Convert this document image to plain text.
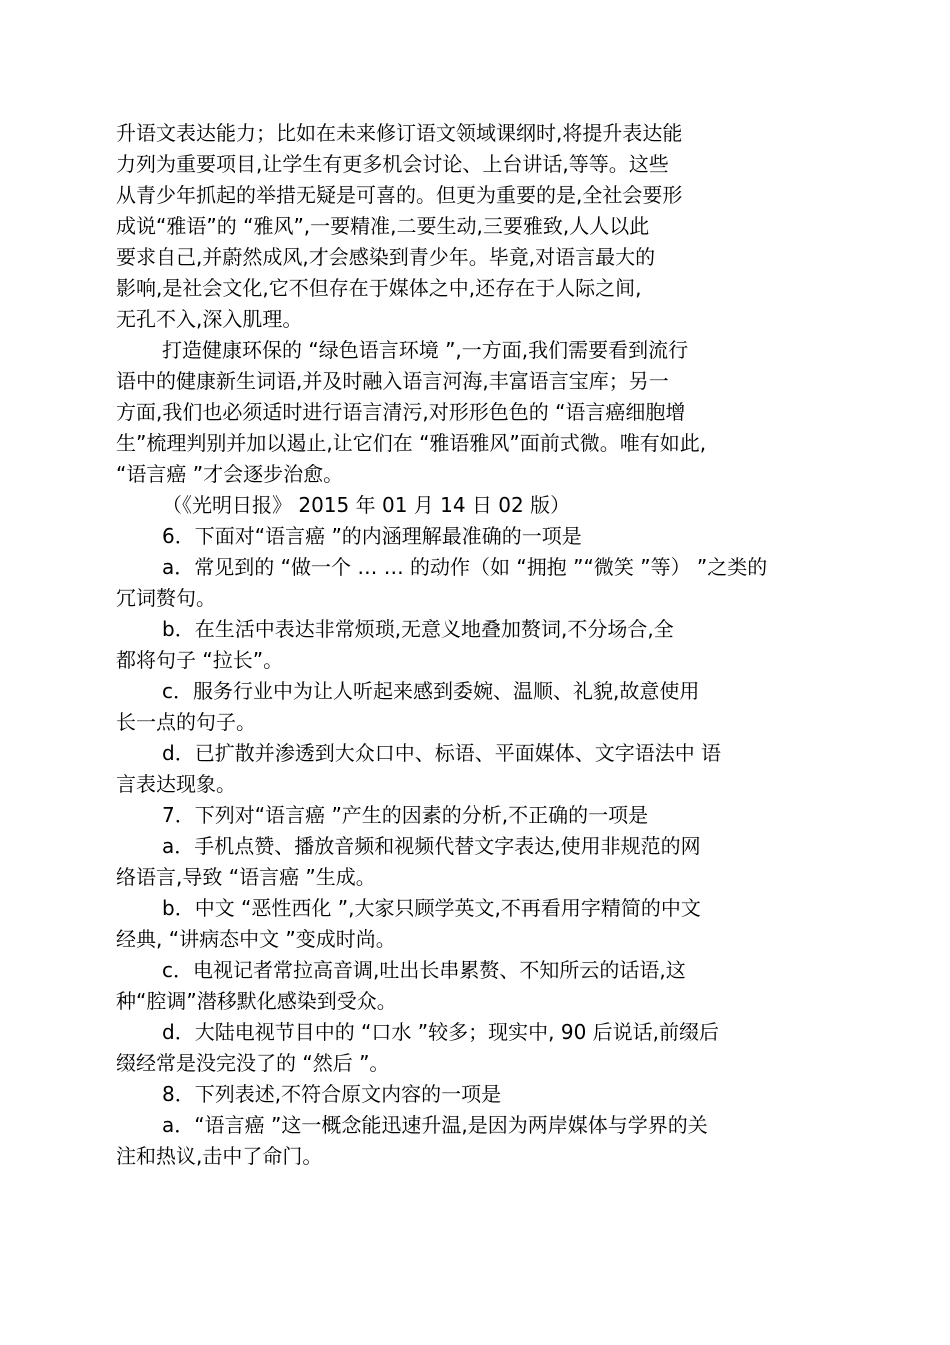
升语文表达能力；比如在未来修订语文领域课纲时,将提升表达能
力列为重要项目,让学生有更多机会讨论、上台讲话,等等。这些
从青少年抓起的举措无疑是可喜的。但更为重要的是,全社会要形
成说“雅语”的 “雅风”,一要精准,二要生动,三要雅致,人人以此
要求自己,并蔚然成风,才会感染到青少年。毕竟,对语言最大的
影响,是社会文化,它不但存在于媒体之中,还存在于人际之间,
无孔不入,深入肌理。
打造健康环保的 “绿色语言环境 ”,一方面,我们需要看到流行
语中的健康新生词语,并及时融入语言河海,丰富语言宝库；另一
方面,我们也必须适时进行语言清污,对形形色色的 “语言癌细胞增
生”梳理判别并加以遏止,让它们在 “雅语雅风”面前式微。唯有如此,
“语言癌 ”才会逐步治愈。
（《光明日报》 2015 年 01 月 14 日 02 版）
6．下面对“语言癌 ”的内涵理解最准确的一项是
a．常见到的 “做一个 … … 的动作（如 “拥抱 ”“微笑 ”等） ”之类的
冗词赘句。
b．在生活中表达非常烦琐,无意义地叠加赘词,不分场合,全
都将句子 “拉长”。
c．服务行业中为让人听起来感到委婉、温顺、礼貌,故意使用
长一点的句子。
d．已扩散并渗透到大众口中、标语、平面媒体、文字语法中 语
言表达现象。
7．下列对“语言癌 ”产生的因素的分析,不正确的一项是
a．手机点赞、播放音频和视频代替文字表达,使用非规范的网
络语言,导致 “语言癌 ”生成。
b．中文 “恶性西化 ”,大家只顾学英文,不再看用字精简的中文
经典, “讲病态中文 ”变成时尚。
c．电视记者常拉高音调,吐出长串累赘、不知所云的话语,这
种“腔调”潜移默化感染到受众。
d．大陆电视节目中的 “口水 ”较多；现实中, 90 后说话,前缀后
缀经常是没完没了的 “然后 ”。
8．下列表述,不符合原文内容的一项是
a．“语言癌 ”这一概念能迅速升温,是因为两岸媒体与学界的关
注和热议,击中了命门。
